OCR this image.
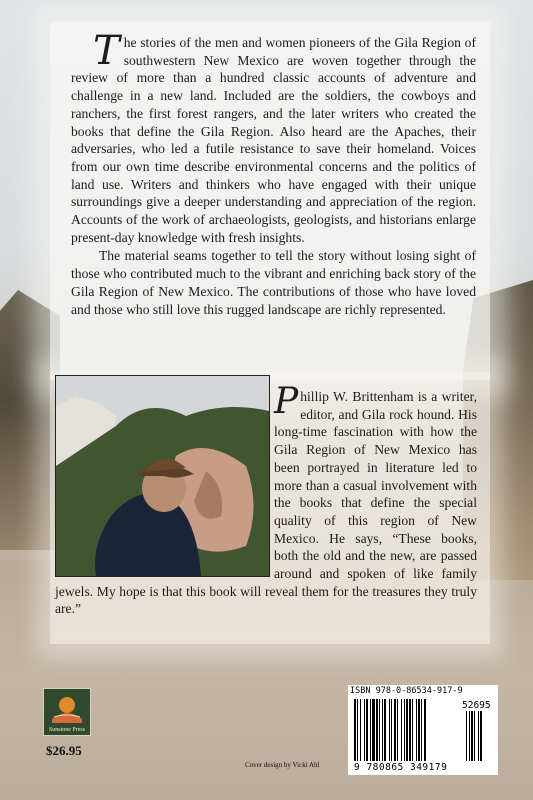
The stories of the men and women pioneers of the Gila Region of southwestern New Mexico are woven together through the review of more than a hundred classic accounts of adventure and challenge in a new land. Included are the soldiers, the cowboys and ranchers, the first forest rangers, and the later writers who created the books that define the Gila Region. Also heard are the Apaches, their adversaries, who led a futile resistance to save their homeland. Voices from our own time describe environmental concerns and the politics of land use. Writers and thinkers who have engaged with their unique surroundings give a deeper understanding and appreciation of the region. Accounts of the work of archaeologists, geologists, and historians enlarge present-day knowledge with fresh insights.

The material seams together to tell the story without losing sight of those who contributed much to the vibrant and enriching back story of the Gila Region of New Mexico. The contributions of those who have loved and those who still love this rugged landscape are richly represented.

Phillip W. Brittenham is a writer, editor, and Gila rock hound. His long-time fascination with how the Gila Region of New Mexico has been portrayed in literature led to more than a casual involvement with the books that define the special quality of this region of New Mexico. He says, “These books, both the old and the new, are passed around and spoken of like family jewels. My hope is that this book will reveal them for the treasures they truly are.”
Sunstone Press
$26.95
Cover design by Vicki Ahl
ISBN 978-0-86534-917-9
52695
9 780865 349179
